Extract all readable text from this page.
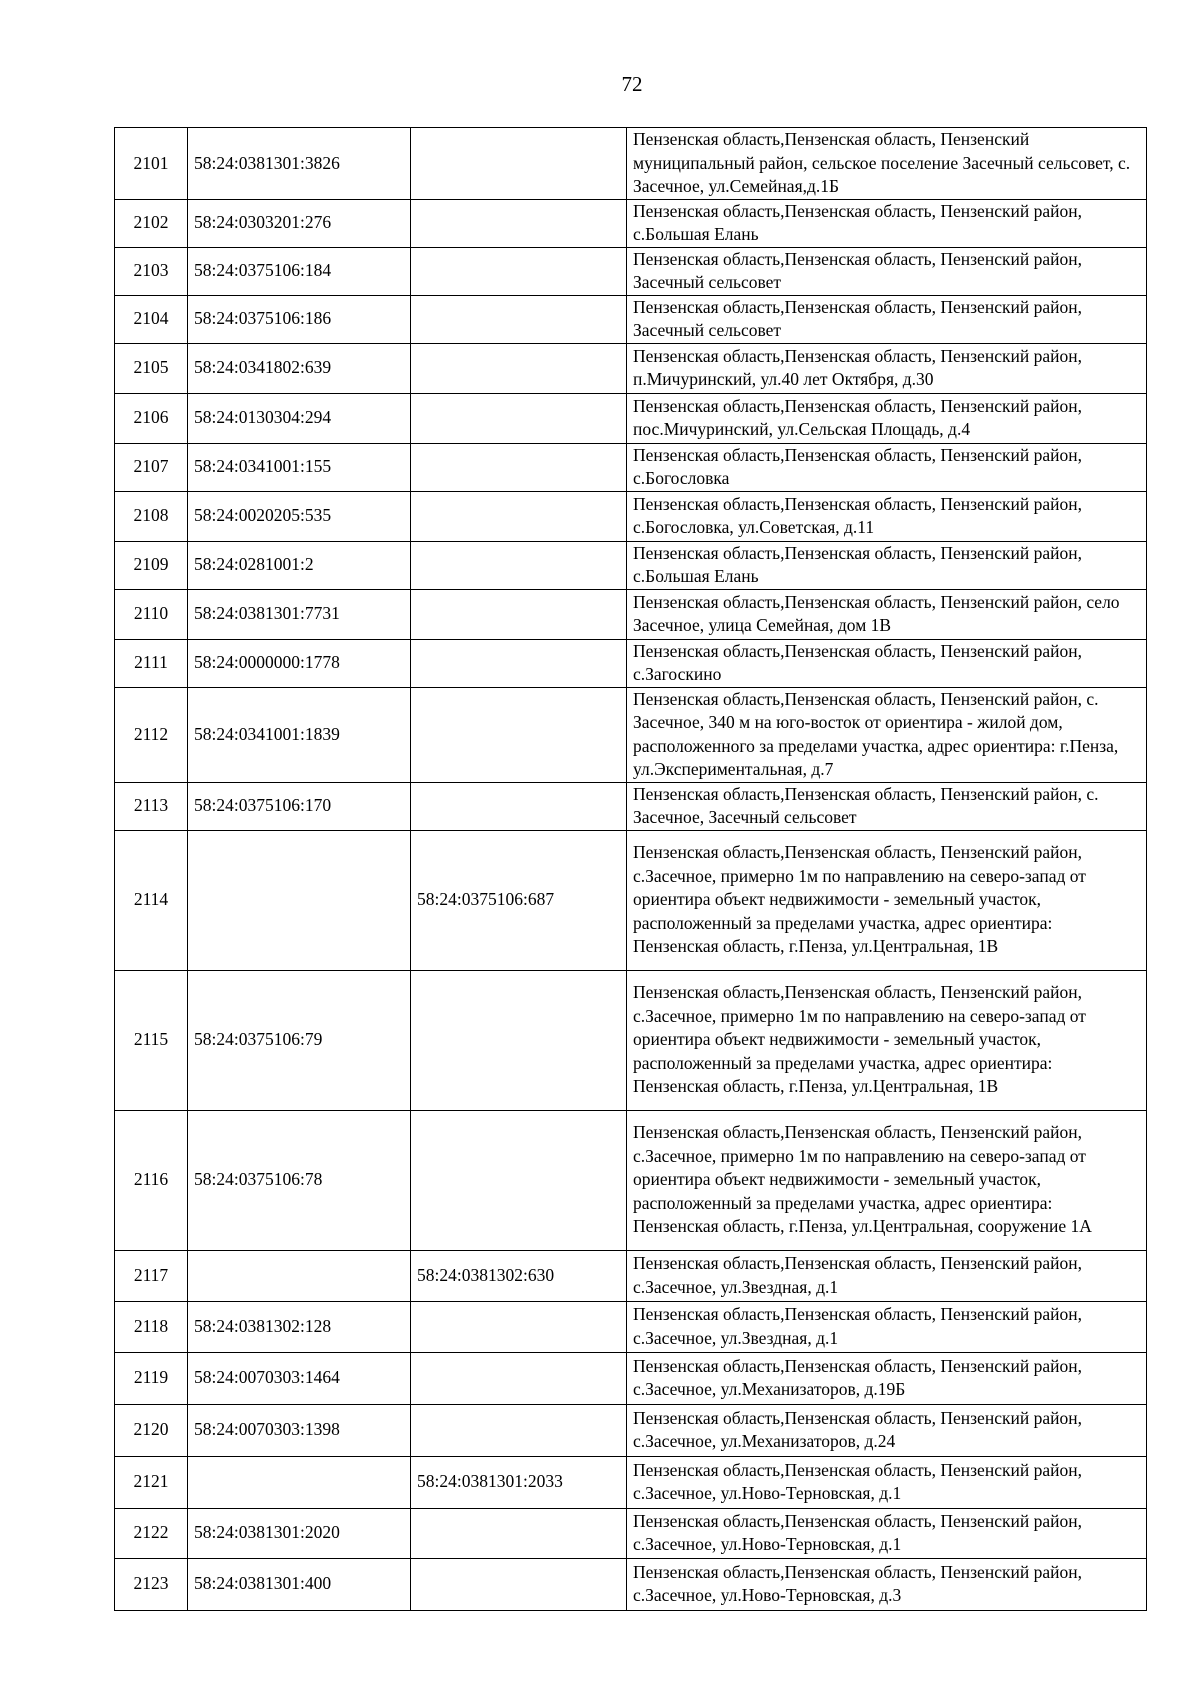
72
2101	58:24:0381301:3826		Пензенская область,Пензенская область, Пензенский муниципальный район, сельское поселение Засечный сельсовет, с. Засечное, ул.Семейная,д.1Б
2102	58:24:0303201:276		Пензенская область,Пензенская область, Пензенский район, с.Большая Елань
2103	58:24:0375106:184		Пензенская область,Пензенская область, Пензенский район, Засечный сельсовет
2104	58:24:0375106:186		Пензенская область,Пензенская область, Пензенский район, Засечный сельсовет
2105	58:24:0341802:639		Пензенская область,Пензенская область, Пензенский район, п.Мичуринский, ул.40 лет Октября, д.30
2106	58:24:0130304:294		Пензенская область,Пензенская область, Пензенский район, пос.Мичуринский, ул.Сельская Площадь, д.4
2107	58:24:0341001:155		Пензенская область,Пензенская область, Пензенский район, с.Богословка
2108	58:24:0020205:535		Пензенская область,Пензенская область, Пензенский район, с.Богословка, ул.Советская, д.11
2109	58:24:0281001:2		Пензенская область,Пензенская область, Пензенский район, с.Большая Елань
2110	58:24:0381301:7731		Пензенская область,Пензенская область, Пензенский район, село Засечное, улица Семейная, дом 1В
2111	58:24:0000000:1778		Пензенская область,Пензенская область, Пензенский район, с.Загоскино
2112	58:24:0341001:1839		Пензенская область,Пензенская область, Пензенский район, с. Засечное, 340 м на юго-восток от ориентира - жилой дом, расположенного за пределами участка, адрес ориентира: г.Пенза, ул.Экспериментальная, д.7
2113	58:24:0375106:170		Пензенская область,Пензенская область, Пензенский район, с. Засечное, Засечный сельсовет
2114		58:24:0375106:687	Пензенская область,Пензенская область, Пензенский район, с.Засечное, примерно 1м по направлению на северо-запад от ориентира объект недвижимости - земельный участок, расположенный за пределами участка, адрес ориентира: Пензенская область, г.Пенза, ул.Центральная, 1В
2115	58:24:0375106:79		Пензенская область,Пензенская область, Пензенский район, с.Засечное, примерно 1м по направлению на северо-запад от ориентира объект недвижимости - земельный участок, расположенный за пределами участка, адрес ориентира: Пензенская область, г.Пенза, ул.Центральная, 1В
2116	58:24:0375106:78		Пензенская область,Пензенская область, Пензенский район, с.Засечное, примерно 1м по направлению на северо-запад от ориентира объект недвижимости - земельный участок, расположенный за пределами участка, адрес ориентира: Пензенская область, г.Пенза, ул.Центральная, сооружение 1А
2117		58:24:0381302:630	Пензенская область,Пензенская область, Пензенский район, с.Засечное, ул.Звездная, д.1
2118	58:24:0381302:128		Пензенская область,Пензенская область, Пензенский район, с.Засечное, ул.Звездная, д.1
2119	58:24:0070303:1464		Пензенская область,Пензенская область, Пензенский район, с.Засечное, ул.Механизаторов, д.19Б
2120	58:24:0070303:1398		Пензенская область,Пензенская область, Пензенский район, с.Засечное, ул.Механизаторов, д.24
2121		58:24:0381301:2033	Пензенская область,Пензенская область, Пензенский район, с.Засечное, ул.Ново-Терновская, д.1
2122	58:24:0381301:2020		Пензенская область,Пензенская область, Пензенский район, с.Засечное, ул.Ново-Терновская, д.1
2123	58:24:0381301:400		Пензенская область,Пензенская область, Пензенский район, с.Засечное, ул.Ново-Терновская, д.3
